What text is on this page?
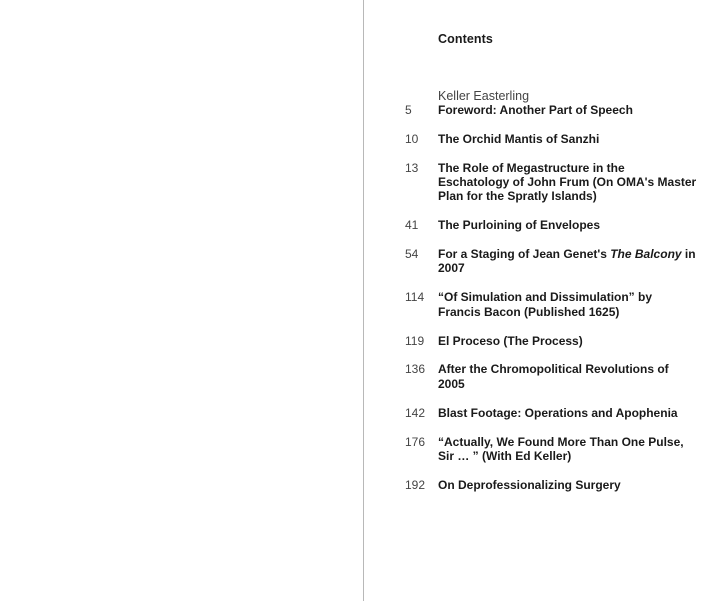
Contents
Keller Easterling
5 Foreword: Another Part of Speech
10 The Orchid Mantis of Sanzhi
13 The Role of Megastructure in the Eschatology of John Frum (On OMA's Master Plan for the Spratly Islands)
41 The Purloining of Envelopes
54 For a Staging of Jean Genet's The Balcony in 2007
114 “Of Simulation and Dissimulation” by Francis Bacon (Published 1625)
119 El Proceso (The Process)
136 After the Chromopolitical Revolutions of 2005
142 Blast Footage: Operations and Apophenia
176 “Actually, We Found More Than One Pulse, Sir … ” (With Ed Keller)
192 On Deprofessionalizing Surgery
